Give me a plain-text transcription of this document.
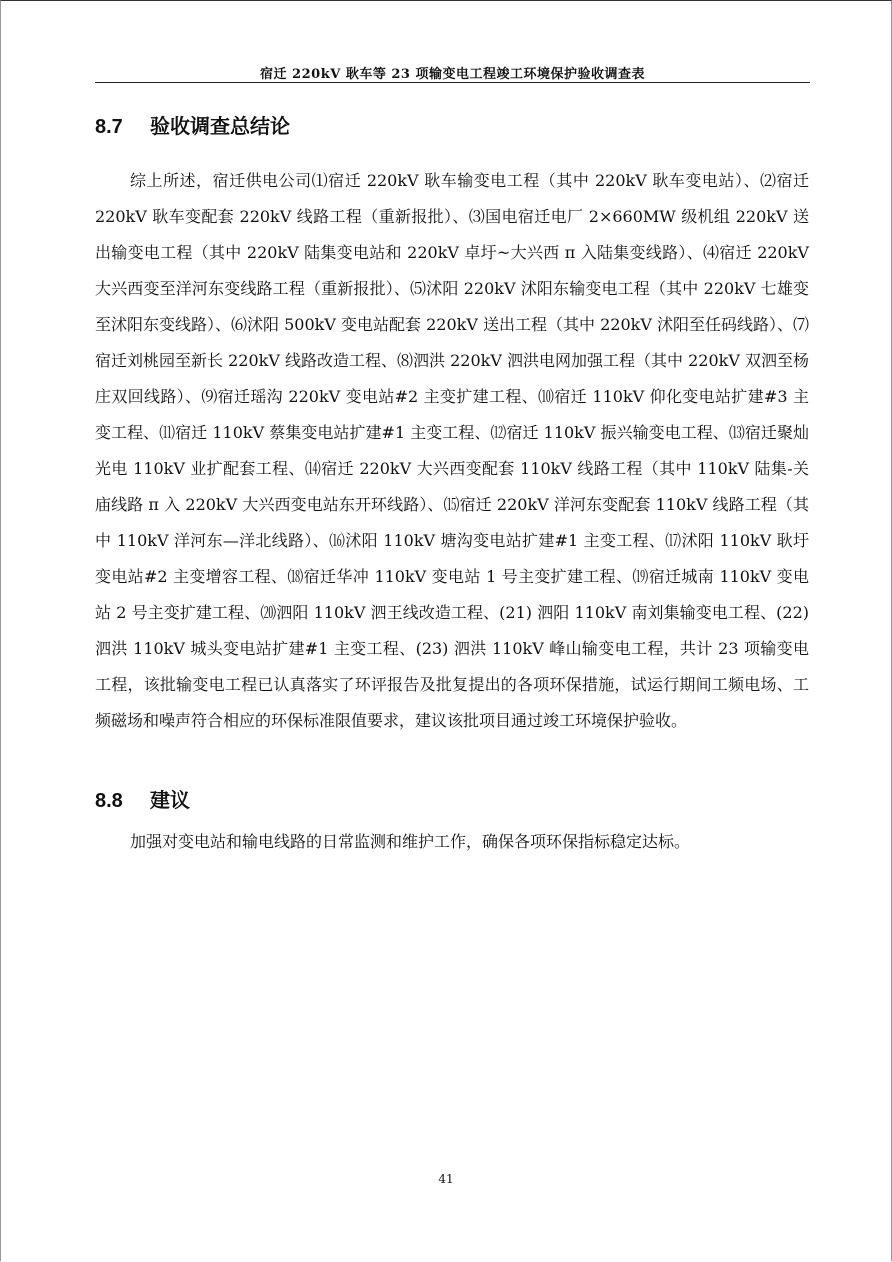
宿迁 220kV 耿车等 23 项输变电工程竣工环境保护验收调查表
8.7 验收调查总结论

综上所述，宿迁供电公司⑴宿迁 220kV 耿车输变电工程（其中 220kV 耿车变电站）、⑵宿迁 220kV 耿车变配套 220kV 线路工程（重新报批）、⑶国电宿迁电厂 2×660MW 级机组 220kV 送出输变电工程（其中 220kV 陆集变电站和 220kV 卓圩~大兴西 π 入陆集变线路）、⑷宿迁 220kV 大兴西变至洋河东变线路工程（重新报批）、⑸沭阳 220kV 沭阳东输变电工程（其中 220kV 七雄变至沭阳东变线路）、⑹沭阳 500kV 变电站配套 220kV 送出工程（其中 220kV 沭阳至任码线路）、⑺宿迁刘桃园至新长 220kV 线路改造工程、⑻泗洪 220kV 泗洪电网加强工程（其中 220kV 双泗至杨庄双回线路）、⑼宿迁瑶沟 220kV 变电站#2 主变扩建工程、⑽宿迁 110kV 仰化变电站扩建#3 主变工程、⑾宿迁 110kV 蔡集变电站扩建#1 主变工程、⑿宿迁 110kV 振兴输变电工程、⒀宿迁聚灿光电 110kV 业扩配套工程、⒁宿迁 220kV 大兴西变配套 110kV 线路工程（其中 110kV 陆集-关庙线路 π 入 220kV 大兴西变电站东开环线路）、⒂宿迁 220kV 洋河东变配套 110kV 线路工程（其中 110kV 洋河东—洋北线路）、⒃沭阳 110kV 塘沟变电站扩建#1 主变工程、⒄沭阳 110kV 耿圩变电站#2 主变增容工程、⒅宿迁华冲 110kV 变电站 1 号主变扩建工程、⒆宿迁城南 110kV 变电站 2 号主变扩建工程、⒇泗阳 110kV 泗王线改造工程、(21) 泗阳 110kV 南刘集输变电工程、(22) 泗洪 110kV 城头变电站扩建#1 主变工程、(23) 泗洪 110kV 峰山输变电工程，共计 23 项输变电工程，该批输变电工程已认真落实了环评报告及批复提出的各项环保措施，试运行期间工频电场、工频磁场和噪声符合相应的环保标准限值要求，建议该批项目通过竣工环境保护验收。

8.8 建议

加强对变电站和输电线路的日常监测和维护工作，确保各项环保指标稳定达标。

41
